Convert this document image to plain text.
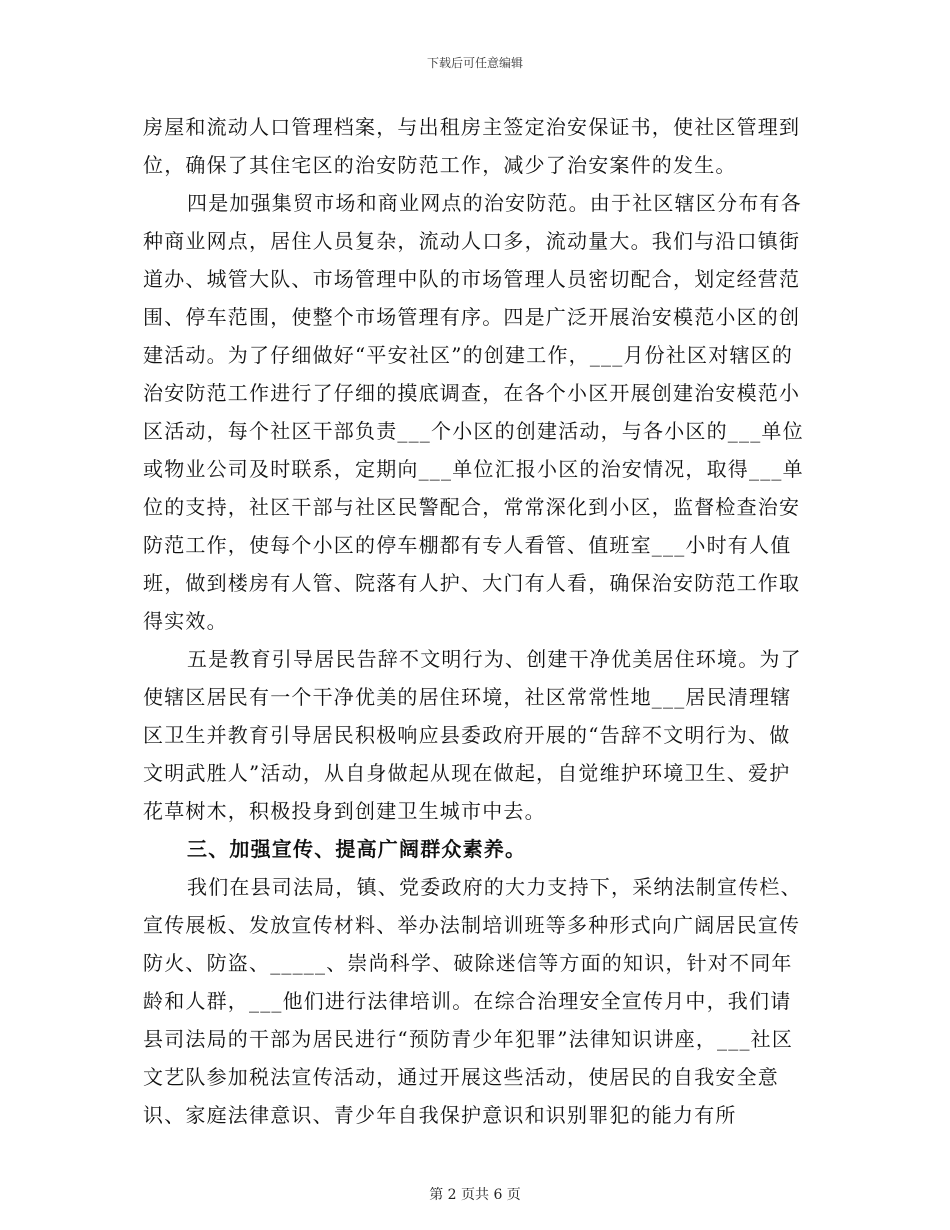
下载后可任意编辑

房屋和流动人口管理档案，与出租房主签定治安保证书，使社区管理到位，确保了其住宅区的治安防范工作，减少了治安案件的发生。

四是加强集贸市场和商业网点的治安防范。由于社区辖区分布有各种商业网点，居住人员复杂，流动人口多，流动量大。我们与沿口镇街道办、城管大队、市场管理中队的市场管理人员密切配合，划定经营范围、停车范围，使整个市场管理有序。四是广泛开展治安模范小区的创建活动。为了仔细做好“平安社区”的创建工作，___月份社区对辖区的治安防范工作进行了仔细的摸底调查，在各个小区开展创建治安模范小区活动，每个社区干部负责___个小区的创建活动，与各小区的___单位或物业公司及时联系，定期向___单位汇报小区的治安情况，取得___单位的支持，社区干部与社区民警配合，常常深化到小区，监督检查治安防范工作，使每个小区的停车棚都有专人看管、值班室___小时有人值班，做到楼房有人管、院落有人护、大门有人看，确保治安防范工作取得实效。

五是教育引导居民告辞不文明行为、创建干净优美居住环境。为了使辖区居民有一个干净优美的居住环境，社区常常性地___居民清理辖区卫生并教育引导居民积极响应县委政府开展的“告辞不文明行为、做文明武胜人”活动，从自身做起从现在做起，自觉维护环境卫生、爱护花草树木，积极投身到创建卫生城市中去。

三、加强宣传、提高广阔群众素养。

我们在县司法局，镇、党委政府的大力支持下，采纳法制宣传栏、宣传展板、发放宣传材料、举办法制培训班等多种形式向广阔居民宣传防火、防盗、_____、崇尚科学、破除迷信等方面的知识，针对不同年龄和人群，___他们进行法律培训。在综合治理安全宣传月中，我们请县司法局的干部为居民进行“预防青少年犯罪”法律知识讲座，___社区文艺队参加税法宣传活动，通过开展这些活动，使居民的自我安全意识、家庭法律意识、青少年自我保护意识和识别罪犯的能力有所

第 2 页共 6 页
